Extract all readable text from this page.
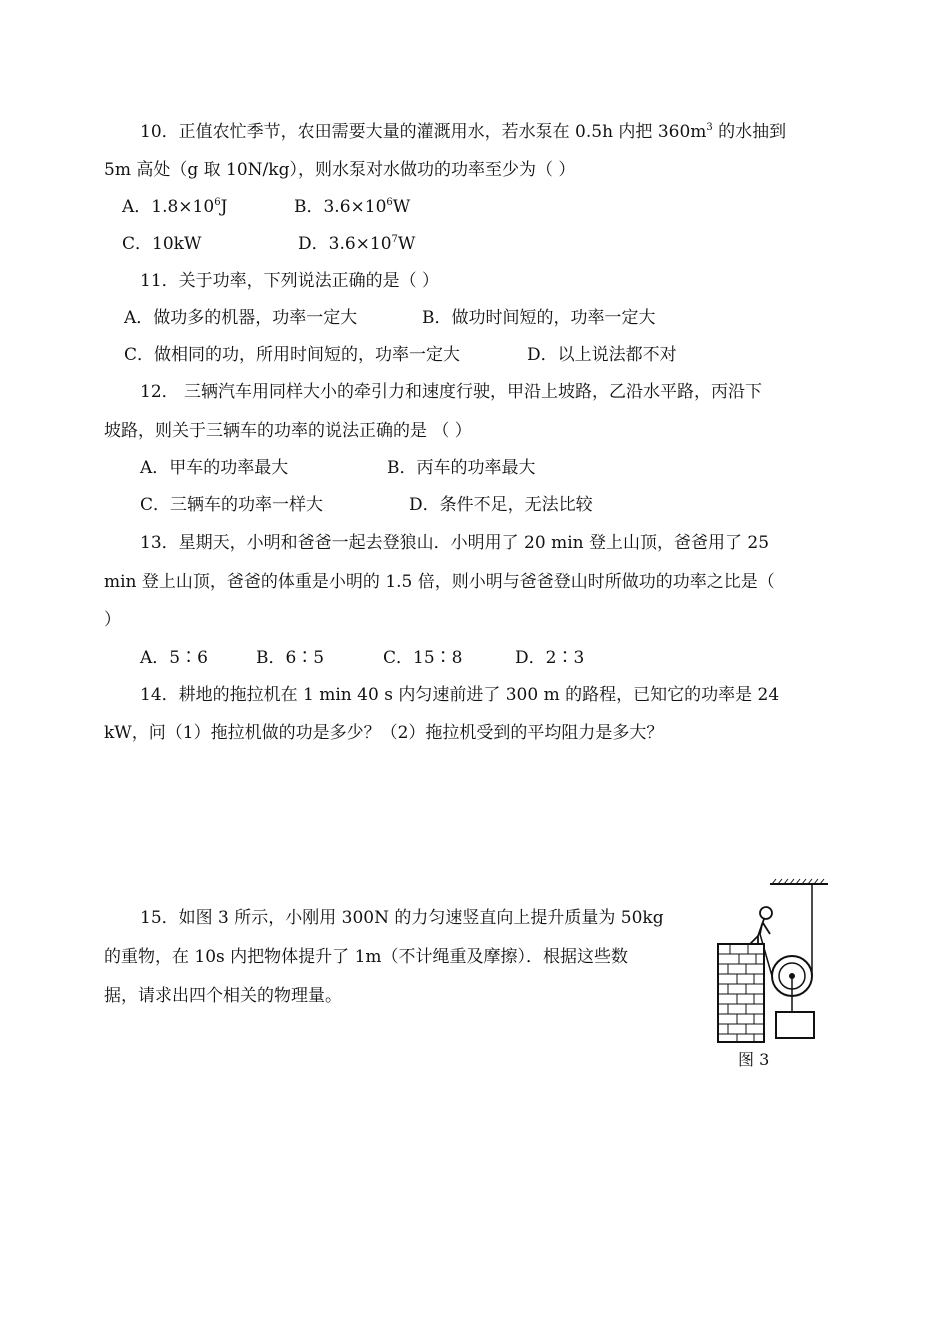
10．正值农忙季节，农田需要大量的灌溉用水，若水泵在 0.5h 内把 $360m^3$ 的水抽到
5m 高处（g 取 10N/kg），则水泵对水做功的功率至少为（ ）
A．$1.8\times 10^6J$	B．$3.6\times 10^6W$
C．10kW	D．$3.6\times 10^7W$
11．关于功率，下列说法正确的是（ ）
A．做功多的机器，功率一定大	B．做功时间短的，功率一定大
C．做相同的功，所用时间短的，功率一定大	D．以上说法都不对
12． 三辆汽车用同样大小的牵引力和速度行驶，甲沿上坡路，乙沿水平路，丙沿下
坡路，则关于三辆车的功率的说法正确的是 （ ）
A．甲车的功率最大	B．丙车的功率最大
C．三辆车的功率一样大	D．条件不足，无法比较
13．星期天，小明和爸爸一起去登狼山．小明用了 20 min 登上山顶，爸爸用了 25
min 登上山顶，爸爸的体重是小明的 1.5 倍，则小明与爸爸登山时所做功的功率之比是（
）
A．5∶6	B．6∶5	C．15∶8	D．2∶3
14．耕地的拖拉机在 1 min 40 s 内匀速前进了 300 m 的路程，已知它的功率是 24
kW，问（1）拖拉机做的功是多少？（2）拖拉机受到的平均阻力是多大？
15．如图 3 所示，小刚用 300N 的力匀速竖直向上提升质量为 50kg
的重物，在 10s 内把物体提升了 1m（不计绳重及摩擦）．根据这些数
据，请求出四个相关的物理量。
图 3
